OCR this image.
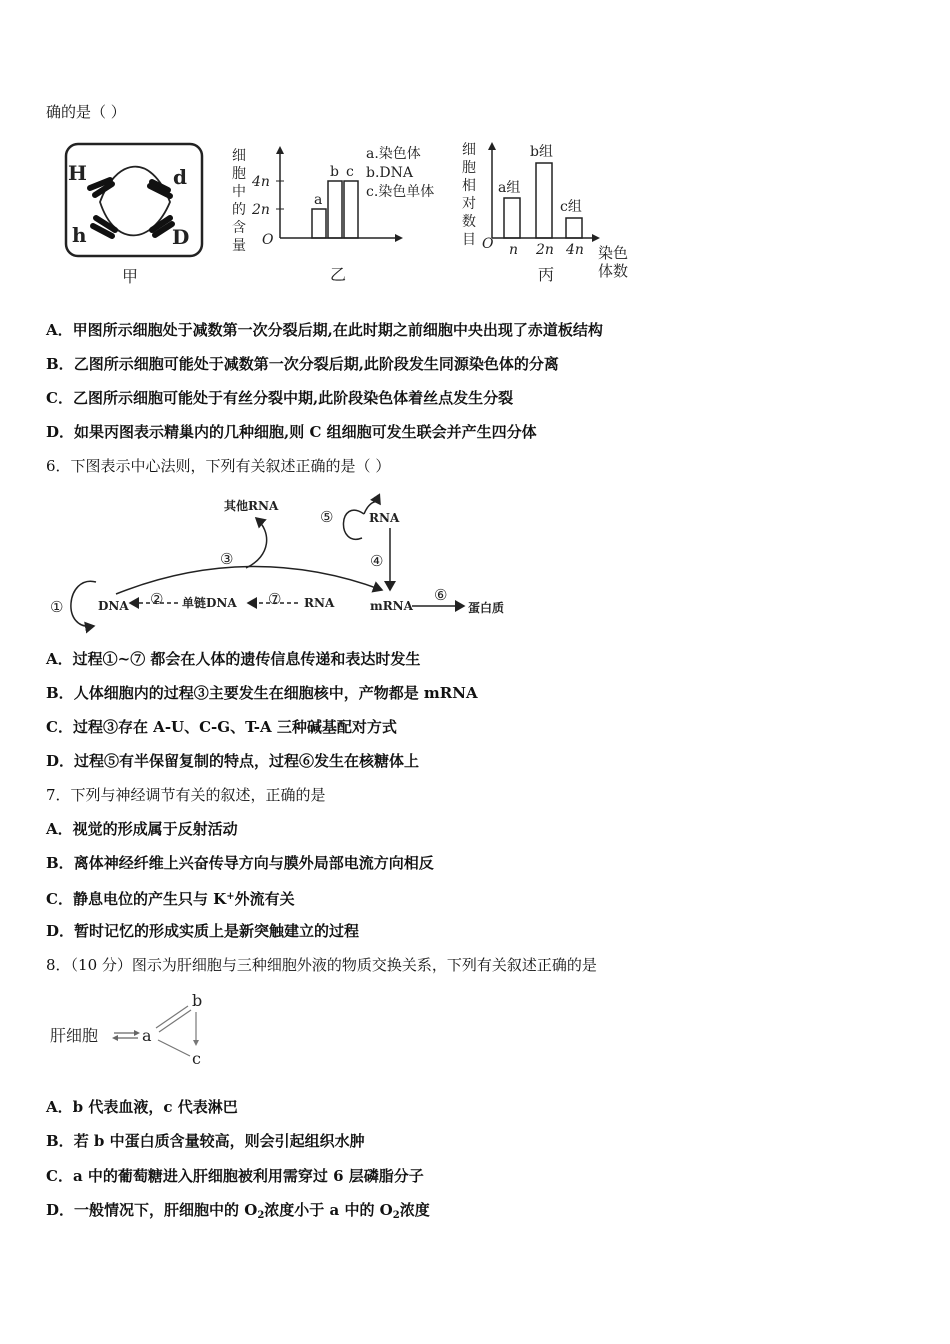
确的是（ ）
H	d
h	D
甲
细
胞
中
的
含
量
4n
2n
O
a
b c
a.染色体
b.DNA
c.染色单体
乙
细
胞
相
对
数
目 O
a组
b组
c组
n 2n 4n 染色
体数
丙
A．甲图所示细胞处于减数第一次分裂后期,在此时期之前细胞中央出现了赤道板结构
B．乙图所示细胞可能处于减数第一次分裂后期,此阶段发生同源染色体的分离
C．乙图所示细胞可能处于有丝分裂中期,此阶段染色体着丝点发生分裂
D．如果丙图表示精巢内的几种细胞,则 C 组细胞可发生联会并产生四分体
6．下图表示中心法则，下列有关叙述正确的是（ ）
其他RNA
RNA
DNA	单链DNA	RNA	mRNA	蛋白质
①	②
③	④
⑤
⑥
⑦
A．过程①~⑦ 都会在人体的遗传信息传递和表达时发生
B．人体细胞内的过程③主要发生在细胞核中，产物都是 mRNA
C．过程③存在 A-U、C-G、T-A 三种碱基配对方式
D．过程⑤有半保留复制的特点，过程⑥发生在核糖体上
7．下列与神经调节有关的叙述，正确的是
A．视觉的形成属于反射活动
B．离体神经纤维上兴奋传导方向与膜外局部电流方向相反
C．静息电位的产生只与 K+外流有关
D．暂时记忆的形成实质上是新突触建立的过程
8．（10 分）图示为肝细胞与三种细胞外液的物质交换关系，下列有关叙述正确的是
肝细胞	a
b
c
A．b 代表血液，c 代表淋巴
B．若 b 中蛋白质含量较高，则会引起组织水肿
C．a 中的葡萄糖进入肝细胞被利用需穿过 6 层磷脂分子
D．一般情况下，肝细胞中的 $O_2$浓度小于 a 中的 $O_2$浓度
